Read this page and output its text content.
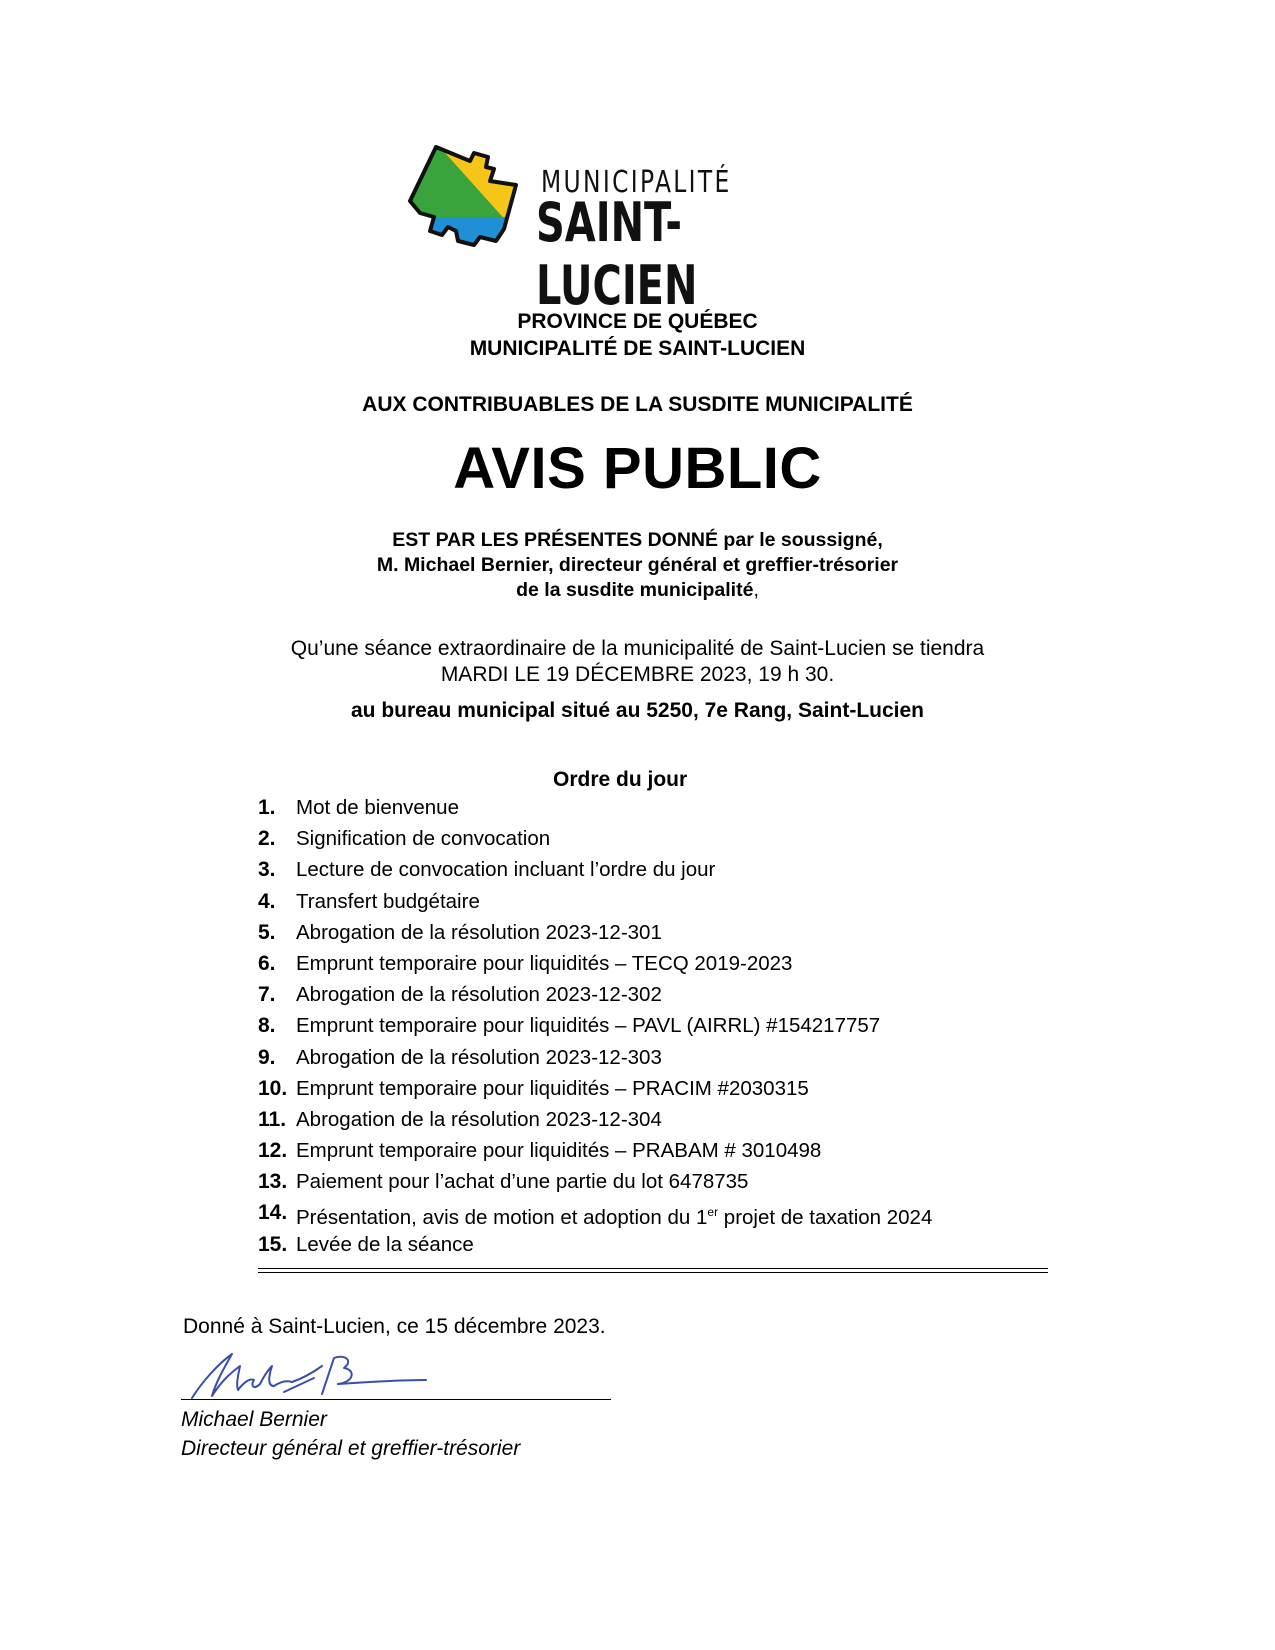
MUNICIPALITÉ
SAINT-LUCIEN
PROVINCE DE QUÉBEC
MUNICIPALITÉ DE SAINT-LUCIEN
AUX CONTRIBUABLES DE LA SUSDITE MUNICIPALITÉ
AVIS PUBLIC
EST PAR LES PRÉSENTES DONNÉ par le soussigné,
M. Michael Bernier, directeur général et greffier-trésorier
de la susdite municipalité,
Qu’une séance extraordinaire de la municipalité de Saint-Lucien se tiendra
MARDI LE 19 DÉCEMBRE 2023, 19 h 30.
au bureau municipal situé au 5250, 7e Rang, Saint-Lucien
Ordre du jour
1. Mot de bienvenue
2. Signification de convocation
3. Lecture de convocation incluant l’ordre du jour
4. Transfert budgétaire
5. Abrogation de la résolution 2023-12-301
6. Emprunt temporaire pour liquidités – TECQ 2019-2023
7. Abrogation de la résolution 2023-12-302
8. Emprunt temporaire pour liquidités – PAVL (AIRRL) #154217757
9. Abrogation de la résolution 2023-12-303
10. Emprunt temporaire pour liquidités – PRACIM #2030315
11. Abrogation de la résolution 2023-12-304
12. Emprunt temporaire pour liquidités – PRABAM # 3010498
13. Paiement pour l’achat d’une partie du lot 6478735
14. Présentation, avis de motion et adoption du 1er projet de taxation 2024
15. Levée de la séance
Donné à Saint-Lucien, ce 15 décembre 2023.
Michael Bernier
Directeur général et greffier-trésorier
